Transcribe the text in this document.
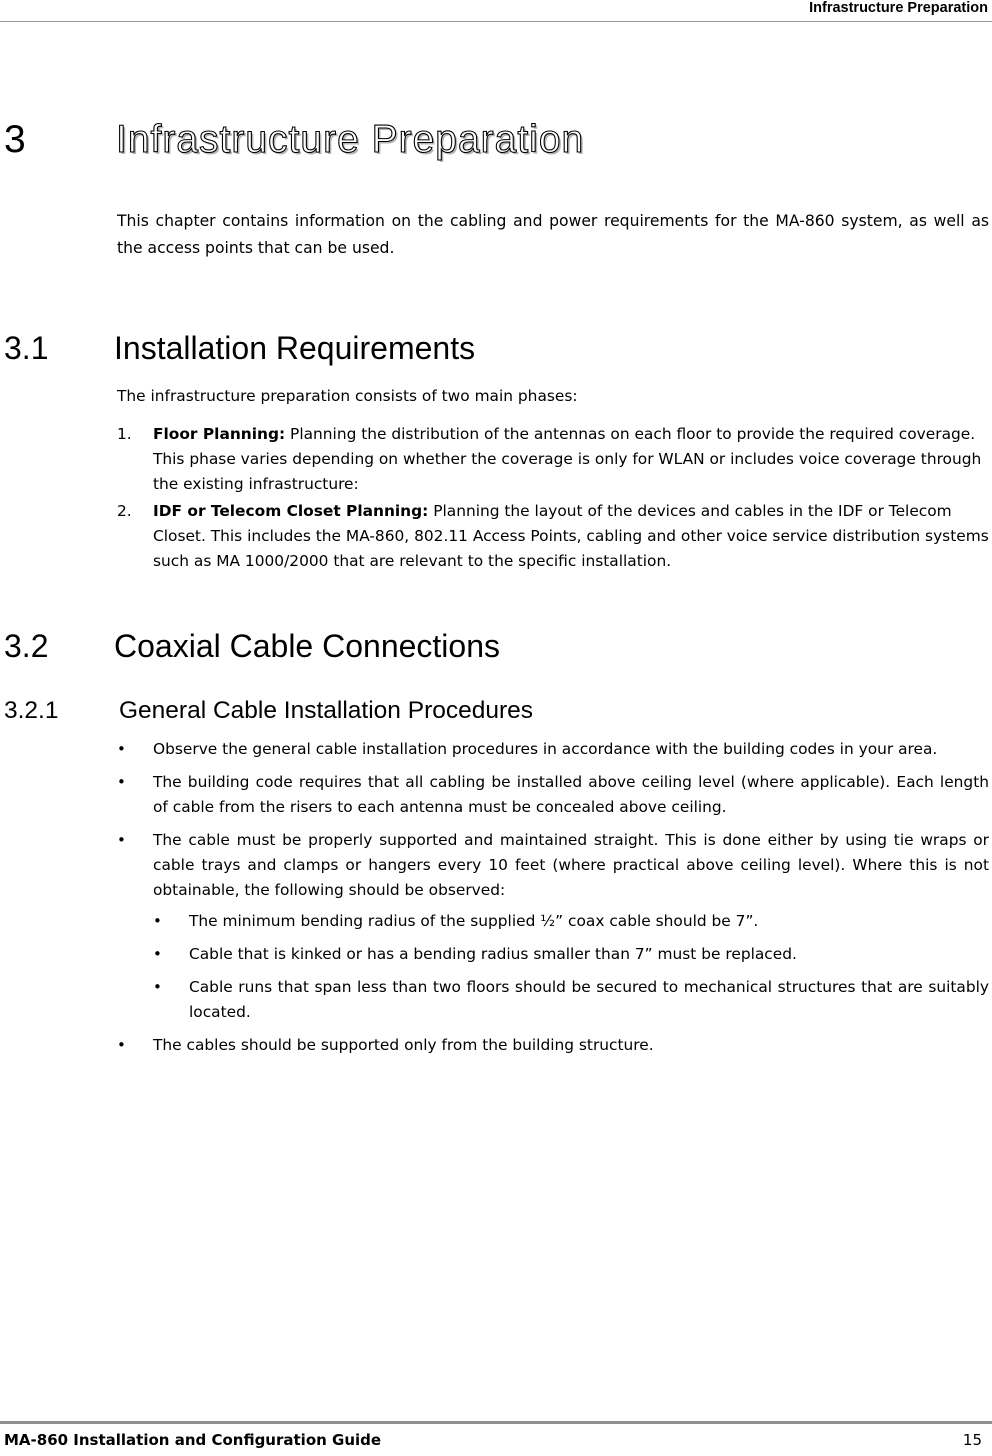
Infrastructure Preparation
3 Infrastructure Preparation

This chapter contains information on the cabling and power requirements for the MA-860 system, as well as the access points that can be used.

3.1 Installation Requirements

The infrastructure preparation consists of two main phases:

1. Floor Planning: Planning the distribution of the antennas on each floor to provide the required coverage. This phase varies depending on whether the coverage is only for WLAN or includes voice coverage through the existing infrastructure:
2. IDF or Telecom Closet Planning: Planning the layout of the devices and cables in the IDF or Telecom Closet. This includes the MA-860, 802.11 Access Points, cabling and other voice service distribution systems such as MA 1000/2000 that are relevant to the specific installation.
3.2 Coaxial Cable Connections
3.2.1 General Cable Installation Procedures
• Observe the general cable installation procedures in accordance with the building codes in your area.
• The building code requires that all cabling be installed above ceiling level (where applicable). Each length of cable from the risers to each antenna must be concealed above ceiling.
• The cable must be properly supported and maintained straight. This is done either by using tie wraps or cable trays and clamps or hangers every 10 feet (where practical above ceiling level). Where this is not obtainable, the following should be observed:
• The minimum bending radius of the supplied ½” coax cable should be 7”.
• Cable that is kinked or has a bending radius smaller than 7” must be replaced.
• Cable runs that span less than two floors should be secured to mechanical structures that are suitably located.
• The cables should be supported only from the building structure.
MA-860 Installation and Configuration Guide	15
